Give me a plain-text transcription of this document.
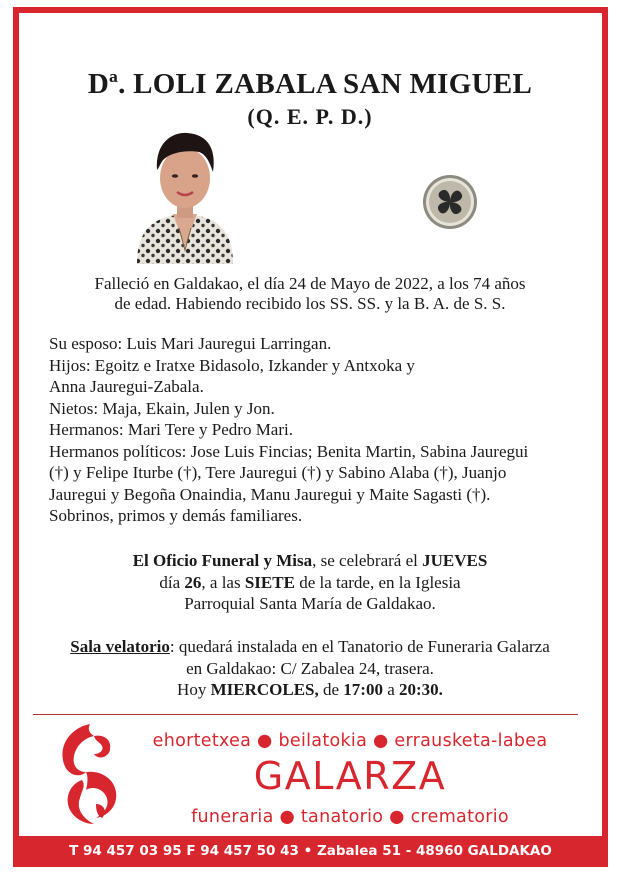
Dª. LOLI ZABALA SAN MIGUEL
(Q. E. P. D.)
Falleció en Galdakao, el día 24 de Mayo de 2022, a los 74 años
de edad. Habiendo recibido los SS. SS. y la B. A. de S. S.
Su esposo: Luis Mari Jauregui Larringan.
Hijos: Egoitz e Iratxe Bidasolo, Izkander y Antxoka y
Anna Jauregui-Zabala.
Nietos: Maja, Ekain, Julen y Jon.
Hermanos: Mari Tere y Pedro Mari.
Hermanos políticos: Jose Luis Fincias; Benita Martin, Sabina Jauregui
(†) y Felipe Iturbe (†), Tere Jauregui (†) y Sabino Alaba (†), Juanjo
Jauregui y Begoña Onaindia, Manu Jauregui y Maite Sagasti (†).
Sobrinos, primos y demás familiares.
El Oficio Funeral y Misa, se celebrará el JUEVES
día 26, a las SIETE de la tarde, en la Iglesia
Parroquial Santa María de Galdakao.
Sala velatorio: quedará instalada en el Tanatorio de Funeraria Galarza
en Galdakao: C/ Zabalea 24, trasera.
Hoy MIERCOLES, de 17:00 a 20:30.
ehortetxea ● beilatokia ● errausketa-labea
GALARZA
funeraria ● tanatorio ● crematorio
T 94 457 03 95 F 94 457 50 43 • Zabalea 51 - 48960 GALDAKAO
